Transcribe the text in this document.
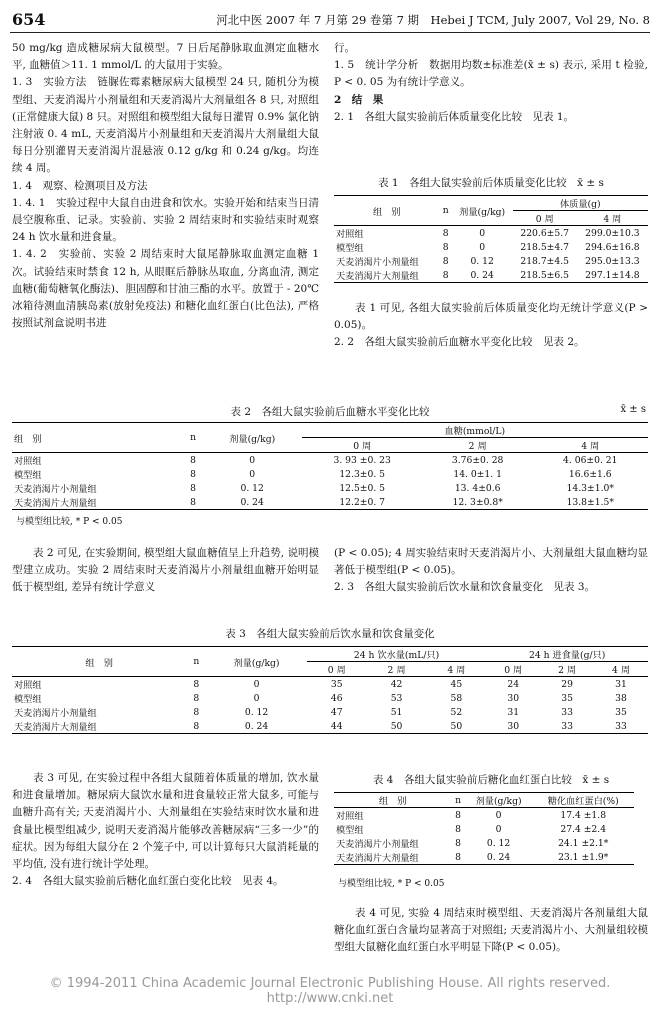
654	河北中医 2007 年 7 月第 29 卷第 7 期　Hebei J TCM, July 2007, Vol 29, No. 8

50 mg/kg 造成糖尿病大鼠模型。7 日后尾静脉取血测定血糖水平, 血糖值＞11. 1 mmol/L 的大鼠用于实验。

1. 3　实验方法　链脲佐霉素糖尿病大鼠模型 24 只, 随机分为模型组、天麦消渴片小剂量组和天麦消渴片大剂量组各 8 只, 对照组(正常健康大鼠) 8 只。对照组和模型组大鼠每日灌胃 0.9% 氯化钠注射液 0. 4 mL, 天麦消渴片小剂量组和天麦消渴片大剂量组大鼠每日分别灌胃天麦消渴片混悬液 0.12 g/kg 和 0.24 g/kg。均连续 4 周。

1. 4　观察、检测项目及方法

1. 4. 1　实验过程中大鼠自由进食和饮水。实验开始和结束当日清晨空腹称重、记录。实验前、实验 2 周结束时和实验结束时观察 24 h 饮水量和进食量。

1. 4. 2　实验前、实验 2 周结束时大鼠尾静脉取血测定血糖 1 次。试验结束时禁食 12 h, 从眼眶后静脉丛取血, 分离血清, 测定血糖(葡萄糖氧化酶法)、胆固醇和甘油三酯的水平。放置于 - 20℃ 冰箱待测血清胰岛素(放射免疫法) 和糖化血红蛋白(比色法), 严格按照试剂盒说明书进

行。

1. 5　统计学分析　数据用均数±标准差(x̄ ± s) 表示, 采用 t 检验, P < 0. 05 为有统计学意义。

2　结　果

2. 1　各组大鼠实验前后体质量变化比较　见表 1。

表 1　各组大鼠实验前后体质量变化比较　x̄ ± s
组　别	n	剂量(g/kg)	体质量(g)	
			0 周	4 周
对照组	8	0	220.6±5.7	299.0±10.3
模型组	8	0	218.5±4.7	294.6±16.8
天麦消渴片小剂量组	8	0. 12	218.7±4.5	295.0±13.3
天麦消渴片大剂量组	8	0. 24	218.5±6.5	297.1±14.8

表 1 可见, 各组大鼠实验前后体质量变化均无统计学意义(P > 0.05)。

2. 2　各组大鼠实验前后血糖水平变化比较　见表 2。

表 2　各组大鼠实验前后血糖水平变化比较	x̄ ± s
组　别	n	剂量(g/kg)	血糖(mmol/L)		
			0 周	2 周	4 周
对照组	8	0	3. 93 ±0. 23	3.76±0. 28	4. 06±0. 21
模型组	8	0	12.3±0. 5	14. 0±1. 1	16.6±1.6
天麦消渴片小剂量组	8	0. 12	12.5±0. 5	13. 4±0.6	14.3±1.0*
天麦消渴片大剂量组	8	0. 24	12.2±0. 7	12. 3±0.8*	13.8±1.5*
与模型组比较, * P < 0.05

表 2 可见, 在实验期间, 模型组大鼠血糖值呈上升趋势, 说明模型建立成功。实验 2 周结束时天麦消渴片小剂量组血糖开始明显低于模型组, 差异有统计学意义

(P < 0.05); 4 周实验结束时天麦消渴片小、大剂量组大鼠血糖均显著低于模型组(P < 0.05)。

2. 3　各组大鼠实验前后饮水量和饮食量变化　见表 3。

表 3　各组大鼠实验前后饮水量和饮食量变化
组　别	n	剂量(g/kg)	24 h 饮水量(mL/只)			24 h 进食量(g/只)		
			0 周	2 周	4 周	0 周	2 周	4 周
对照组	8	0	35	42	45	24	29	31
模型组	8	0	46	53	58	30	35	38
天麦消渴片小剂量组	8	0. 12	47	51	52	31	33	35
天麦消渴片大剂量组	8	0. 24	44	50	50	30	33	33

表 3 可见, 在实验过程中各组大鼠随着体质量的增加, 饮水量和进食量增加。糖尿病大鼠饮水量和进食量较正常大鼠多, 可能与血糖升高有关; 天麦消渴片小、大剂量组在实验结束时饮水量和进食量比模型组减少, 说明天麦消渴片能够改善糖尿病“三多一少”的症状。因为每组大鼠分在 2 个笼子中, 可以计算每只大鼠消耗量的平均值, 没有进行统计学处理。

2. 4　各组大鼠实验前后糖化血红蛋白变化比较　见表 4。

表 4　各组大鼠实验前后糖化血红蛋白比较　x̄ ± s
组　别	n	剂量(g/kg)	糖化血红蛋白(%)
对照组	8	0	17.4 ±1.8
模型组	8	0	27.4 ±2.4
天麦消渴片小剂量组	8	0. 12	24.1 ±2.1*
天麦消渴片大剂量组	8	0. 24	23.1 ±1.9*
与模型组比较, * P < 0.05

表 4 可见, 实验 4 周结束时模型组、天麦消渴片各剂量组大鼠糖化血红蛋白含量均显著高于对照组; 天麦消渴片小、大剂量组较模型组大鼠糖化血红蛋白水平明显下降(P < 0.05)。

© 1994-2011 China Academic Journal Electronic Publishing House. All rights reserved.　http://www.cnki.net
